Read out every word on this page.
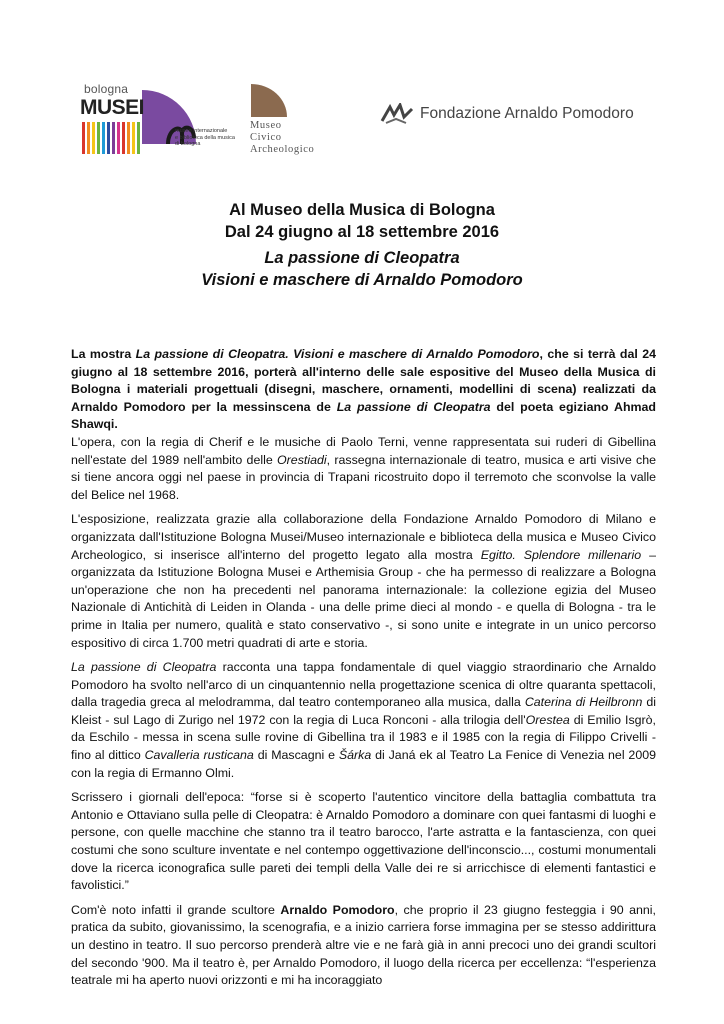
bologna
MUSEI
museo internazionale
e biblioteca della musica
di bologna
Museo
Civico
Archeologico
Fondazione Arnaldo Pomodoro
Al Museo della Musica di Bologna
Dal 24 giugno al 18 settembre 2016
La passione di Cleopatra
Visioni e maschere di Arnaldo Pomodoro

La mostra La passione di Cleopatra. Visioni e maschere di Arnaldo Pomodoro, che si terrà dal 24 giugno al 18 settembre 2016, porterà all'interno delle sale espositive del Museo della Musica di Bologna i materiali progettuali (disegni, maschere, ornamenti, modellini di scena) realizzati da Arnaldo Pomodoro per la messinscena de La passione di Cleopatra del poeta egiziano Ahmad Shawqi.

L'opera, con la regia di Cherif e le musiche di Paolo Terni, venne rappresentata sui ruderi di Gibellina nell'estate del 1989 nell'ambito delle Orestiadi, rassegna internazionale di teatro, musica e arti visive che si tiene ancora oggi nel paese in provincia di Trapani ricostruito dopo il terremoto che sconvolse la valle del Belice nel 1968.

L'esposizione, realizzata grazie alla collaborazione della Fondazione Arnaldo Pomodoro di Milano e organizzata dall'Istituzione Bologna Musei/Museo internazionale e biblioteca della musica e Museo Civico Archeologico, si inserisce all'interno del progetto legato alla mostra Egitto. Splendore millenario – organizzata da Istituzione Bologna Musei e Arthemisia Group - che ha permesso di realizzare a Bologna un'operazione che non ha precedenti nel panorama internazionale: la collezione egizia del Museo Nazionale di Antichità di Leiden in Olanda - una delle prime dieci al mondo - e quella di Bologna - tra le prime in Italia per numero, qualità e stato conservativo -, si sono unite e integrate in un unico percorso espositivo di circa 1.700 metri quadrati di arte e storia.

La passione di Cleopatra racconta una tappa fondamentale di quel viaggio straordinario che Arnaldo Pomodoro ha svolto nell'arco di un cinquantennio nella progettazione scenica di oltre quaranta spettacoli, dalla tragedia greca al melodramma, dal teatro contemporaneo alla musica, dalla Caterina di Heilbronn di Kleist - sul Lago di Zurigo nel 1972 con la regia di Luca Ronconi - alla trilogia dell'Orestea di Emilio Isgrò, da Eschilo - messa in scena sulle rovine di Gibellina tra il 1983 e il 1985 con la regia di Filippo Crivelli - fino al dittico Cavalleria rusticana di Mascagni e Šárka di Janá ek al Teatro La Fenice di Venezia nel 2009 con la regia di Ermanno Olmi.

Scrissero i giornali dell'epoca: “forse si è scoperto l'autentico vincitore della battaglia combattuta tra Antonio e Ottaviano sulla pelle di Cleopatra: è Arnaldo Pomodoro a dominare con quei fantasmi di luoghi e persone, con quelle macchine che stanno tra il teatro barocco, l'arte astratta e la fantascienza, con quei costumi che sono sculture inventate e nel contempo oggettivazione dell'inconscio..., costumi monumentali dove la ricerca iconografica sulle pareti dei templi della Valle dei re si arricchisce di elementi fantastici e favolistici.”

Com'è noto infatti il grande scultore Arnaldo Pomodoro, che proprio il 23 giugno festeggia i 90 anni, pratica da subito, giovanissimo, la scenografia, e a inizio carriera forse immagina per se stesso addirittura un destino in teatro. Il suo percorso prenderà altre vie e ne farà già in anni precoci uno dei grandi scultori del secondo '900. Ma il teatro è, per Arnaldo Pomodoro, il luogo della ricerca per eccellenza: “l'esperienza teatrale mi ha aperto nuovi orizzonti e mi ha incoraggiato
